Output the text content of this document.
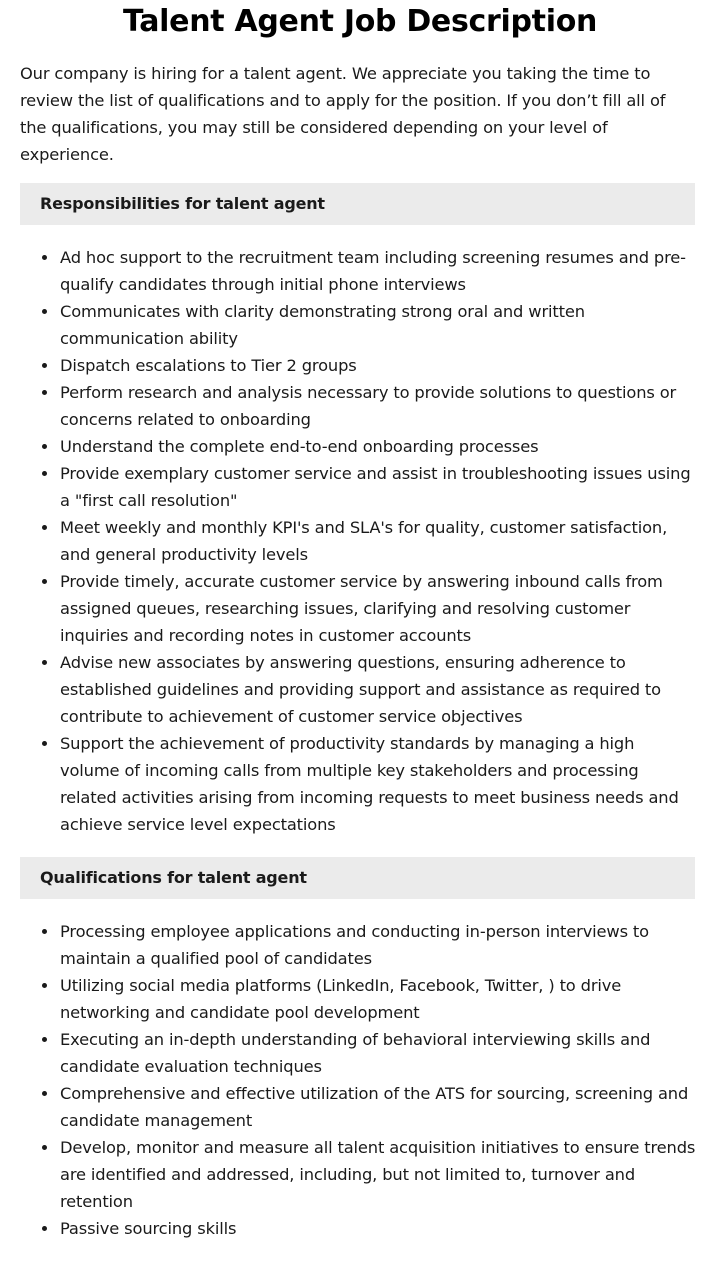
Talent Agent Job Description

Our company is hiring for a talent agent. We appreciate you taking the time to review the list of qualifications and to apply for the position. If you don’t fill all of the qualifications, you may still be considered depending on your level of experience.

Responsibilities for talent agent
Ad hoc support to the recruitment team including screening resumes and pre-qualify candidates through initial phone interviews
Communicates with clarity demonstrating strong oral and written communication ability
Dispatch escalations to Tier 2 groups
Perform research and analysis necessary to provide solutions to questions or concerns related to onboarding
Understand the complete end-to-end onboarding processes
Provide exemplary customer service and assist in troubleshooting issues using a "first call resolution"
Meet weekly and monthly KPI's and SLA's for quality, customer satisfaction, and general productivity levels
Provide timely, accurate customer service by answering inbound calls from assigned queues, researching issues, clarifying and resolving customer inquiries and recording notes in customer accounts
Advise new associates by answering questions, ensuring adherence to established guidelines and providing support and assistance as required to contribute to achievement of customer service objectives
Support the achievement of productivity standards by managing a high volume of incoming calls from multiple key stakeholders and processing related activities arising from incoming requests to meet business needs and achieve service level expectations
Qualifications for talent agent
Processing employee applications and conducting in-person interviews to maintain a qualified pool of candidates
Utilizing social media platforms (LinkedIn, Facebook, Twitter, ) to drive networking and candidate pool development
Executing an in-depth understanding of behavioral interviewing skills and candidate evaluation techniques
Comprehensive and effective utilization of the ATS for sourcing, screening and candidate management
Develop, monitor and measure all talent acquisition initiatives to ensure trends are identified and addressed, including, but not limited to, turnover and retention
Passive sourcing skills
